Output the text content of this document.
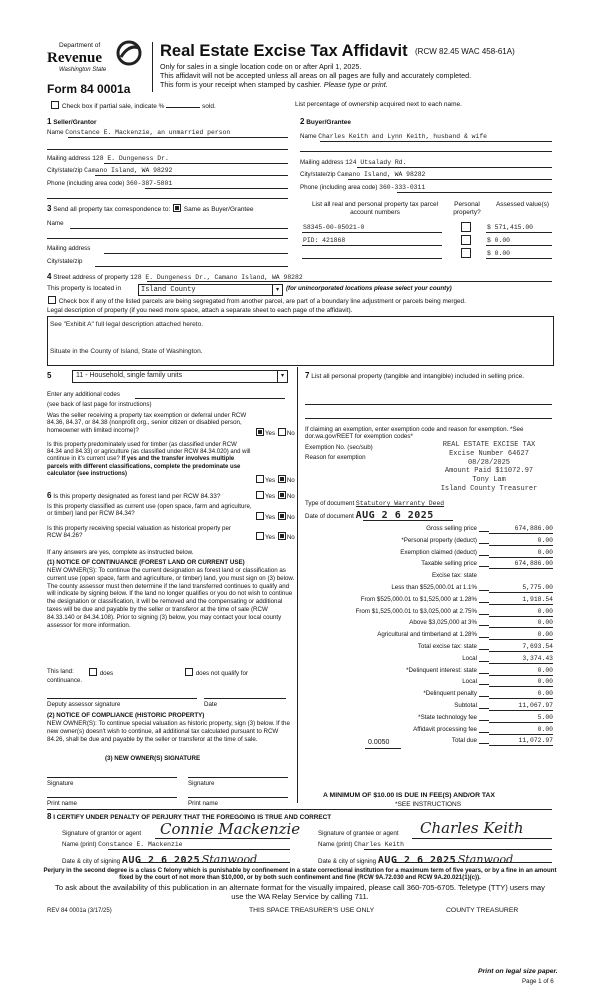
Department of
Revenue
Washington State
Form 84 0001a
Real Estate Excise Tax Affidavit (RCW 82.45 WAC 458-61A)
Only for sales in a single location code on or after April 1, 2025.
This affidavit will not be accepted unless all areas on all pages are fully and accurately completed.
This form is your receipt when stamped by cashier. Please type or print.
Check box if partial sale, indicate %	sold.	List percentage of ownership acquired next to each name.
1 Seller/Grantor
Name Constance E. Mackenzie, an unmarried person
Mailing address 128 E. Dungeness Dr.
City/state/zip Camano Island, WA 98292
Phone (including area code) 360-387-5801
2 Buyer/Grantee
Name Charles Keith and Lynn Keith, husband & wife
Mailing address 124 Utsalady Rd.
City/state/zip Camano Island, WA 98282
Phone (including area code) 360-333-0311
3 Send all property tax correspondence to: Same as Buyer/Grantee
Name
Mailing address
City/state/zip
List all real and personal property tax parcel account numbers
Personal property?
Assessed value(s)
S8345-00-05021-0	$ 571,415.00
PID: 421868	$ 0.00
$ 0.00
4 Street address of property 128 E. Dungeness Dr., Camano Island, WA 98282
This property is located in	Island County	▾	(for unincorporated locations please select your county)
Check box if any of the listed parcels are being segregated from another parcel, are part of a boundary line adjustment or parcels being merged.
Legal description of property (if you need more space, attach a separate sheet to each page of the affidavit).
See "Exhibit A" full legal description attached hereto.
Situate in the County of Island, State of Washington.
5	11 - Household, single family units	▾
Enter any additional codes
(see back of last page for instructions)
Was the seller receiving a property tax exemption or deferral under RCW 84.36, 84.37, or 84.38 (nonprofit org., senior citizen or disabled person, homeowner with limited income)?	Yes No
Is this property predominately used for timber (as classified under RCW 84.34 and 84.33) or agriculture (as classified under RCW 84.34.020) and will continue in it's current use? If yes and the transfer involves multiple parcels with different classifications, complete the predominate use calculator (see instructions)
Yes No
6 Is this property designated as forest land per RCW 84.33?	Yes No
Is this property classified as current use (open space, farm and agriculture, or timber) land per RCW 84.34?
Yes No
Is this property receiving special valuation as historical property per RCW 84.26?	Yes No
If any answers are yes, complete as instructed below.
(1) NOTICE OF CONTINUANCE (FOREST LAND OR CURRENT USE)
NEW OWNER(S): To continue the current designation as forest land or classification as current use (open space, farm and agriculture, or timber) land, you must sign on (3) below. The county assessor must then determine if the land transferred continues to qualify and will indicate by signing below. If the land no longer qualifies or you do not wish to continue the designation or classification, it will be removed and the compensating or additional taxes will be due and payable by the seller or transferor at the time of sale (RCW 84.33.140 or 84.34.108). Prior to signing (3) below, you may contact your local county assessor for more information.
This land:	does	does not qualify for
continuance.
Deputy assessor signature	Date
(2) NOTICE OF COMPLIANCE (HISTORIC PROPERTY)
NEW OWNER(S): To continue special valuation as historic property, sign (3) below. If the new owner(s) doesn't wish to continue, all additional tax calculated pursuant to RCW 84.26, shall be due and payable by the seller or transferor at the time of sale.
(3) NEW OWNER(S) SIGNATURE
Signature	Signature
Print name	Print name
7 List all personal property (tangible and intangible) included in selling price.
If claiming an exemption, enter exemption code and reason for exemption. *See dor.wa.gov/REET for exemption codes*
Exemption No. (sec/sub)
Reason for exemption
REAL ESTATE EXCISE TAX
Excise Number 64627
08/28/2025
Amount Paid $11072.97
Tony Lam
Island County Treasurer
Type of document Statutory Warranty Deed
Date of document AUG 2 6 2025
Gross selling price	674,886.00
*Personal property (deduct)	0.00
Exemption claimed (deduct)	0.00
Taxable selling price	674,886.00
Excise tax: state
Less than $525,000.01 at 1.1%	5,775.00
From $525,000.01 to $1,525,000 at 1.28%	1,918.54
From $1,525,000.01 to $3,025,000 at 2.75%	0.00
Above $3,025,000 at 3%	0.00
Agricultural and timberland at 1.28%	0.00
Total excise tax: state	7,693.54
Local	3,374.43
*Delinquent interest: state	0.00
Local	0.00
*Delinquent penalty	0.00
Subtotal	11,067.97
*State technology fee	5.00
Affidavit processing fee	0.00
Total due	11,072.97
0.0050
A MINIMUM OF $10.00 IS DUE IN FEE(S) AND/OR TAX
*SEE INSTRUCTIONS
8 I CERTIFY UNDER PENALTY OF PERJURY THAT THE FOREGOING IS TRUE AND CORRECT
Signature of grantor or agent Connie Mackenzie
Name (print) Constance E. Mackenzie
Date & city of signing AUG 2 6 2025 Stanwood
Signature of grantee or agent Charles Keith
Name (print) Charles Keith
Date & city of signing AUG 2 6 2025 Stanwood
Perjury in the second degree is a class C felony which is punishable by confinement in a state correctional institution for a maximum term of five years, or by a fine in an amount fixed by the court of not more than $10,000, or by both such confinement and fine (RCW 9A.72.030 and RCW 9A.20.021(1)(c)).
To ask about the availability of this publication in an alternate format for the visually impaired, please call 360-705-6705. Teletype (TTY) users may use the WA Relay Service by calling 711.
REV 84 0001a (3/17/25)	THIS SPACE TREASURER'S USE ONLY	COUNTY TREASURER
Print on legal size paper.
Page 1 of 6
